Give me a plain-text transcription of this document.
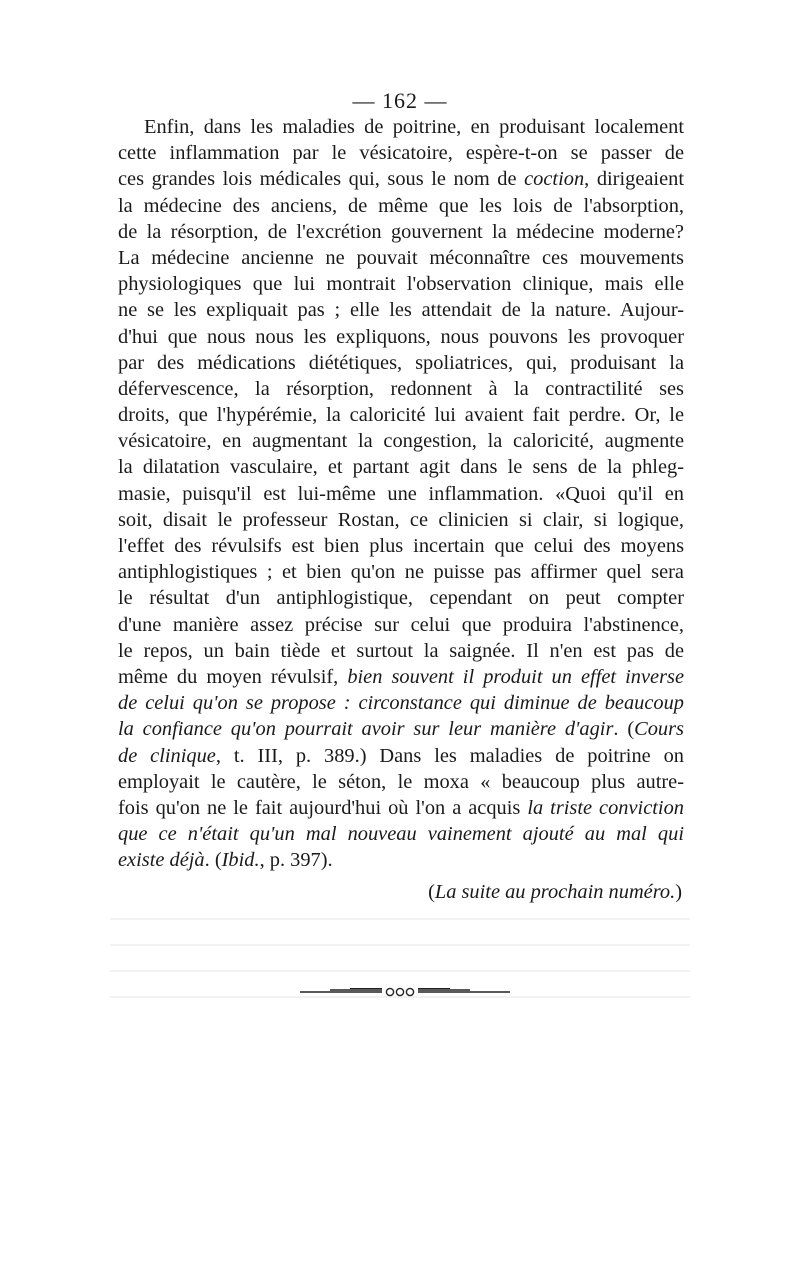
— 162 —
Enfin, dans les maladies de poitrine, en produisant localement
cette inflammation par le vésicatoire, espère-t-on se passer de
ces grandes lois médicales qui, sous le nom de coction, dirigeaient
la médecine des anciens, de même que les lois de l'absorption,
de la résorption, de l'excrétion gouvernent la médecine moderne?
La médecine ancienne ne pouvait méconnaître ces mouvements
physiologiques que lui montrait l'observation clinique, mais elle
ne se les expliquait pas ; elle les attendait de la nature. Aujour-
d'hui que nous nous les expliquons, nous pouvons les provoquer
par des médications diététiques, spoliatrices, qui, produisant la
défervescence, la résorption, redonnent à la contractilité ses
droits, que l'hypérémie, la caloricité lui avaient fait perdre. Or, le
vésicatoire, en augmentant la congestion, la caloricité, augmente
la dilatation vasculaire, et partant agit dans le sens de la phleg-
masie, puisqu'il est lui-même une inflammation. «Quoi qu'il en
soit, disait le professeur Rostan, ce clinicien si clair, si logique,
l'effet des révulsifs est bien plus incertain que celui des moyens
antiphlogistiques ; et bien qu'on ne puisse pas affirmer quel sera
le résultat d'un antiphlogistique, cependant on peut compter
d'une manière assez précise sur celui que produira l'abstinence,
le repos, un bain tiède et surtout la saignée. Il n'en est pas de
même du moyen révulsif, bien souvent il produit un effet inverse
de celui qu'on se propose : circonstance qui diminue de beaucoup
la confiance qu'on pourrait avoir sur leur manière d'agir. (Cours
de clinique, t. III, p. 389.) Dans les maladies de poitrine on
employait le cautère, le séton, le moxa « beaucoup plus autre-
fois qu'on ne le fait aujourd'hui où l'on a acquis la triste conviction
que ce n'était qu'un mal nouveau vainement ajouté au mal qui
existe déjà. (Ibid., p. 397).
(La suite au prochain numéro.)
